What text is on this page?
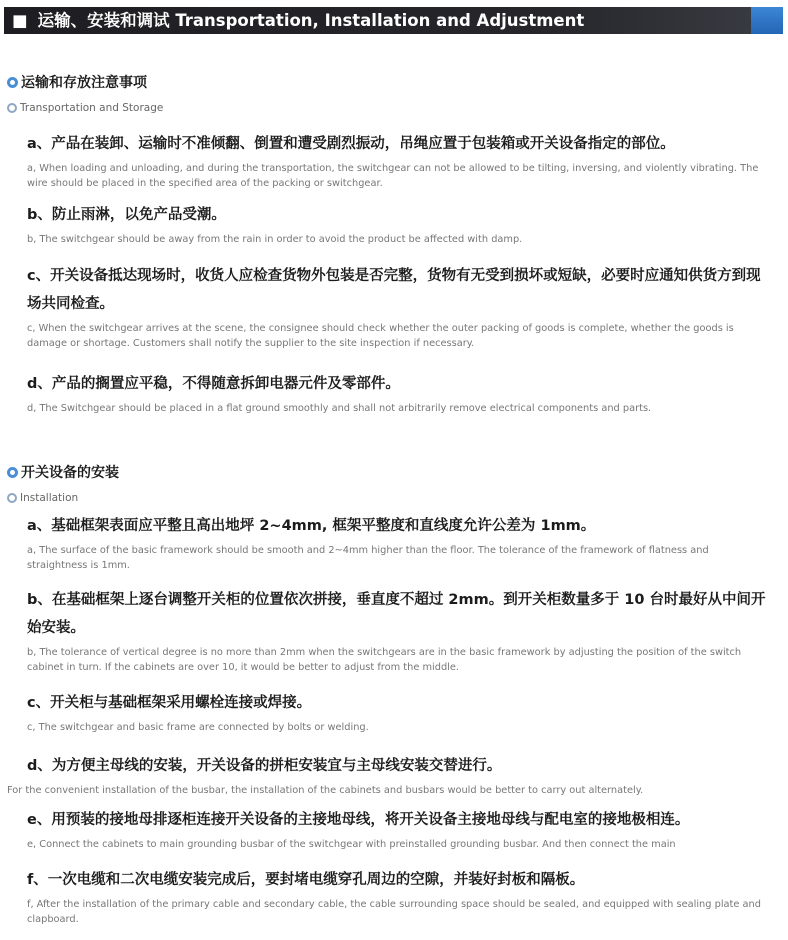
■ 运输、安装和调试 Transportation, Installation and Adjustment
运输和存放注意事项
Transportation and Storage
a、产品在装卸、运输时不准倾翻、倒置和遭受剧烈振动，吊绳应置于包装箱或开关设备指定的部位。
a, When loading and unloading, and during the transportation, the switchgear can not be allowed to be tilting, inversing, and violently vibrating. The wire should be placed in the specified area of the packing or switchgear.
b、防止雨淋，以免产品受潮。
b, The switchgear should be away from the rain in order to avoid the product be affected with damp.
c、开关设备抵达现场时，收货人应检查货物外包装是否完整，货物有无受到损坏或短缺，必要时应通知供货方到现场共同检查。
c, When the switchgear arrives at the scene, the consignee should check whether the outer packing of goods is complete, whether the goods is damage or shortage. Customers shall notify the supplier to the site inspection if necessary.
d、产品的搁置应平稳，不得随意拆卸电器元件及零部件。
d, The Switchgear should be placed in a flat ground smoothly and shall not arbitrarily remove electrical components and parts.
开关设备的安装
Installation
a、基础框架表面应平整且高出地坪 2~4mm, 框架平整度和直线度允许公差为 1mm。
a, The surface of the basic framework should be smooth and 2~4mm higher than the floor. The tolerance of the framework of flatness and straightness is 1mm.
b、在基础框架上逐台调整开关柜的位置依次拼接，垂直度不超过 2mm。到开关柜数量多于 10 台时最好从中间开始安装。
b, The tolerance of vertical degree is no more than 2mm when the switchgears are in the basic framework by adjusting the position of the switch cabinet in turn. If the cabinets are over 10, it would be better to adjust from the middle.
c、开关柜与基础框架采用螺栓连接或焊接。
c, The switchgear and basic frame are connected by bolts or welding.
d、为方便主母线的安装，开关设备的拼柜安装宜与主母线安装交替进行。
For the convenient installation of the busbar, the installation of the cabinets and busbars would be better to carry out alternately.
e、用预装的接地母排逐柜连接开关设备的主接地母线，将开关设备主接地母线与配电室的接地极相连。
e, Connect the cabinets to main grounding busbar of the switchgear with preinstalled grounding busbar. And then connect the main
f、一次电缆和二次电缆安装完成后，要封堵电缆穿孔周边的空隙，并装好封板和隔板。
f, After the installation of the primary cable and secondary cable, the cable surrounding space should be sealed, and equipped with sealing plate and clapboard.
